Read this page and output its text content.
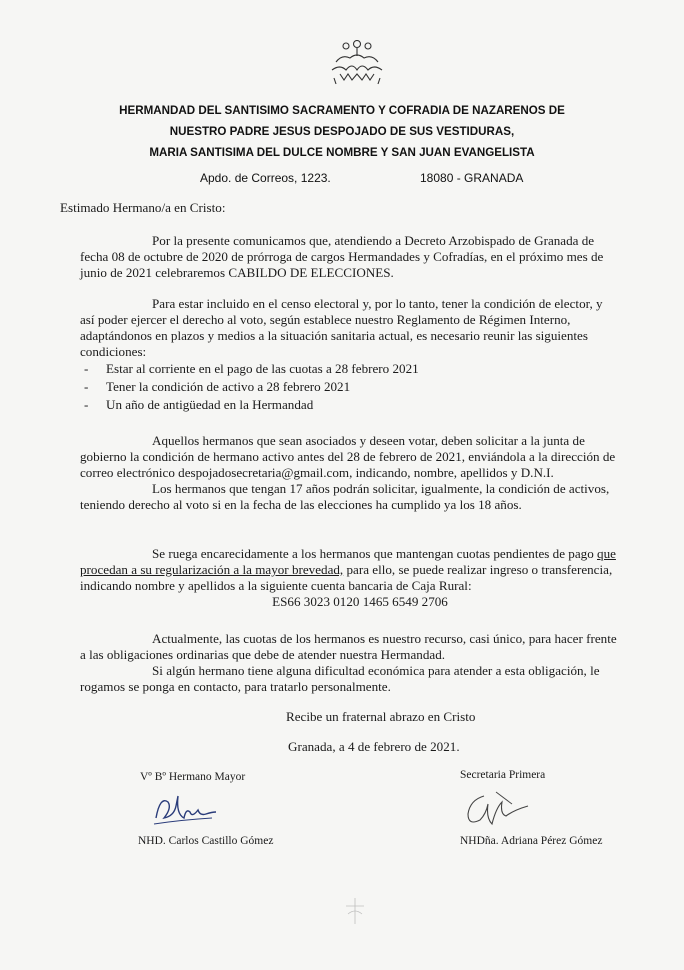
HERMANDAD DEL SANTISIMO SACRAMENTO Y COFRADIA DE NAZARENOS DE
NUESTRO PADRE JESUS DESPOJADO DE SUS VESTIDURAS,
MARIA SANTISIMA DEL DULCE NOMBRE Y SAN JUAN EVANGELISTA
Apdo. de Correos, 1223.	18080 - GRANADA
Estimado Hermano/a en Cristo:

Por la presente comunicamos que, atendiendo a Decreto Arzobispado de Granada de fecha 08 de octubre de 2020 de prórroga de cargos Hermandades y Cofradías, en el próximo mes de junio de 2021 celebraremos CABILDO DE ELECCIONES.

Para estar incluido en el censo electoral y, por lo tanto, tener la condición de elector, y así poder ejercer el derecho al voto, según establece nuestro Reglamento de Régimen Interno, adaptándonos en plazos y medios a la situación sanitaria actual, es necesario reunir las siguientes condiciones:

- Estar al corriente en el pago de las cuotas a 28 febrero 2021
- Tener la condición de activo a 28 febrero 2021
- Un año de antigüedad en la Hermandad

Aquellos hermanos que sean asociados y deseen votar, deben solicitar a la junta de gobierno la condición de hermano activo antes del 28 de febrero de 2021, enviándola a la dirección de correo electrónico despojadosecretaria@gmail.com, indicando, nombre, apellidos y D.N.I.

Los hermanos que tengan 17 años podrán solicitar, igualmente, la condición de activos, teniendo derecho al voto si en la fecha de las elecciones ha cumplido ya los 18 años.

Se ruega encarecidamente a los hermanos que mantengan cuotas pendientes de pago que procedan a su regularización a la mayor brevedad, para ello, se puede realizar ingreso o transferencia, indicando nombre y apellidos a la siguiente cuenta bancaria de Caja Rural:

ES66 3023 0120 1465 6549 2706

Actualmente, las cuotas de los hermanos es nuestro recurso, casi único, para hacer frente a las obligaciones ordinarias que debe de atender nuestra Hermandad.

Si algún hermano tiene alguna dificultad económica para atender a esta obligación, le rogamos se ponga en contacto, para tratarlo personalmente.

Recibe un fraternal abrazo en Cristo
Granada, a 4 de febrero de 2021.
Vº Bº Hermano Mayor
NHD. Carlos Castillo Gómez
Secretaria Primera
NHDña. Adriana Pérez Gómez
